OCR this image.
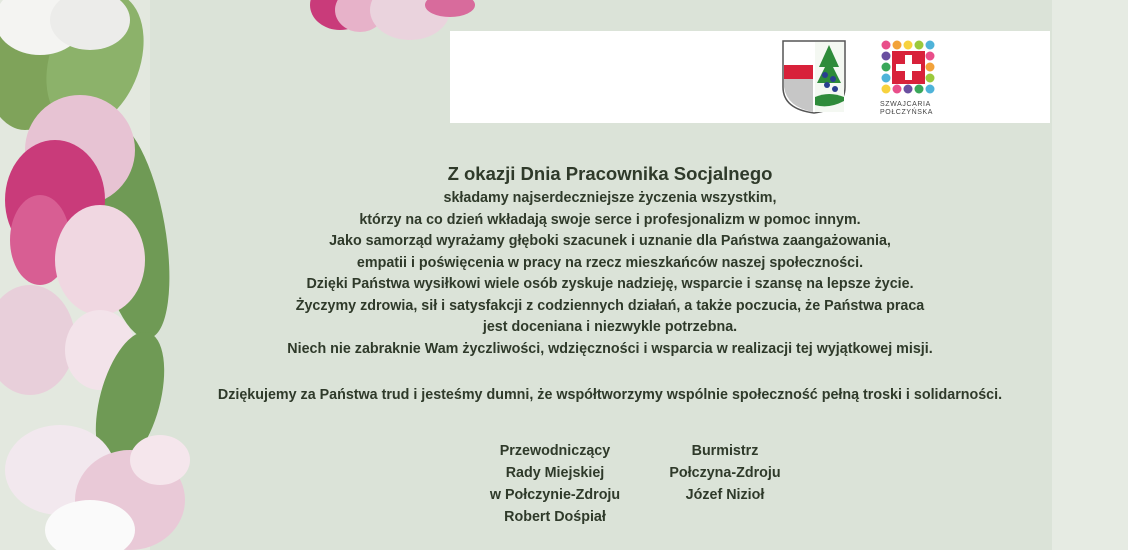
SZWAJCARIA
POŁCZYŃSKA
Z okazji Dnia Pracownika Socjalnego
składamy najserdeczniejsze życzenia wszystkim,
którzy na co dzień wkładają swoje serce i profesjonalizm w pomoc innym.
Jako samorząd wyrażamy głęboki szacunek i uznanie dla Państwa zaangażowania,
empatii i poświęcenia w pracy na rzecz mieszkańców naszej społeczności.
Dzięki Państwa wysiłkowi wiele osób zyskuje nadzieję, wsparcie i szansę na lepsze życie.
Życzymy zdrowia, sił i satysfakcji z codziennych działań, a także poczucia, że Państwa praca
jest doceniana i niezwykle potrzebna.
Niech nie zabraknie Wam życzliwości, wdzięczności i wsparcia w realizacji tej wyjątkowej misji.
Dziękujemy za Państwa trud i jesteśmy dumni, że współtworzymy wspólnie społeczność pełną troski i solidarności.
Przewodniczący
Rady Miejskiej
w Połczynie-Zdroju
Robert Dośpiał
Burmistrz
Połczyna-Zdroju
Józef Nizioł
